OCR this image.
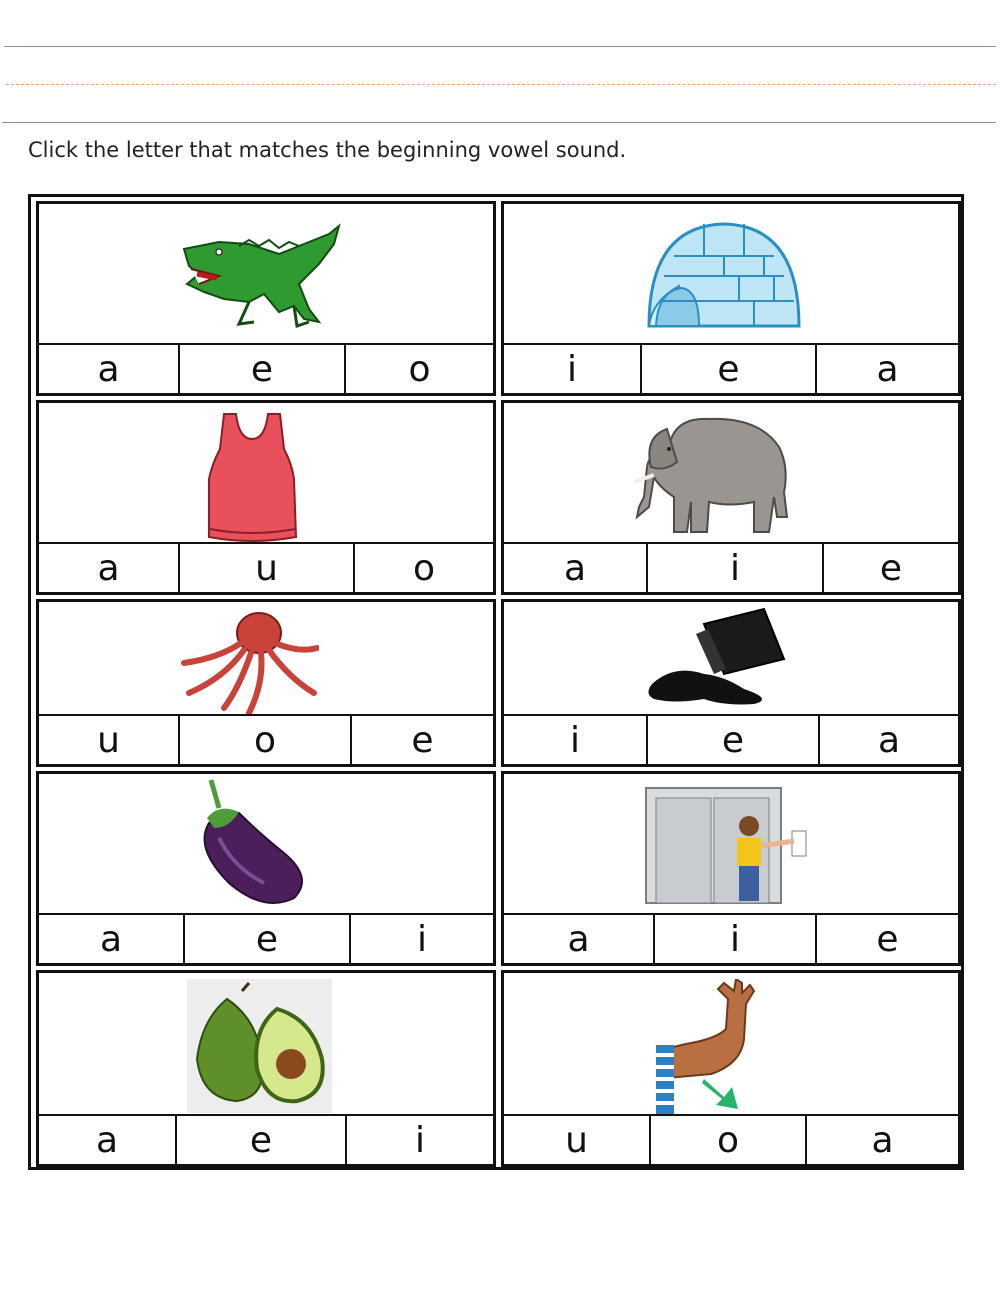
Click the letter that matches the beginning vowel sound.
a	e	o	i	e	a
a	u	o	a	i	e
u	o	e	i	e	a
a	e	i	a	i	e
a	e	i	u	o	a
